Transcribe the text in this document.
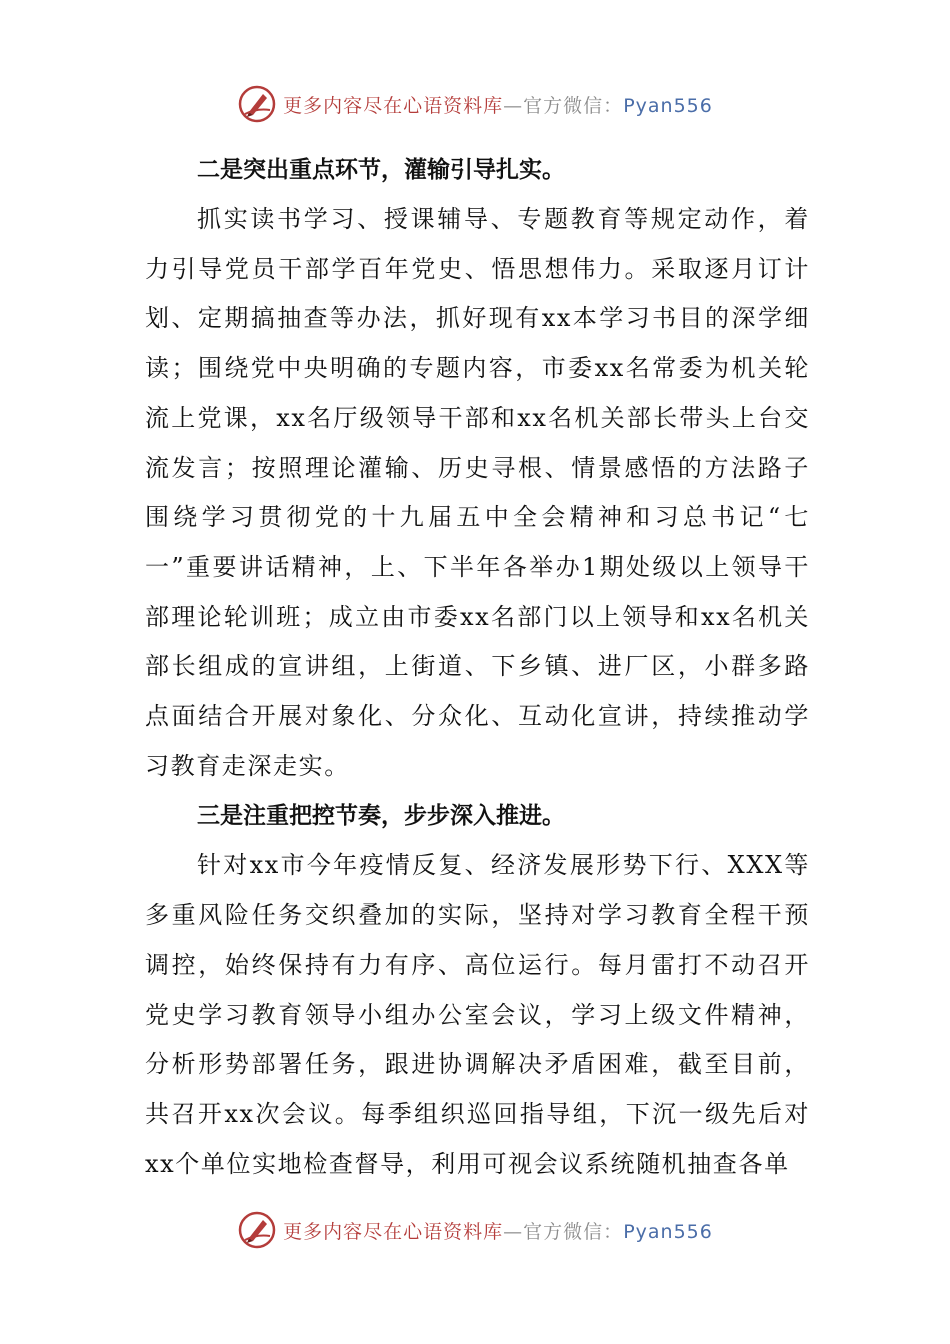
更多内容尽在心语资料库—官方微信：Pyan556

二是突出重点环节，灌输引导扎实。

抓实读书学习、授课辅导、专题教育等规定动作，着力引导党员干部学百年党史、悟思想伟力。采取逐月订计划、定期搞抽查等办法，抓好现有xx本学习书目的深学细读；围绕党中央明确的专题内容，市委xx名常委为机关轮流上党课，xx名厅级领导干部和xx名机关部长带头上台交流发言；按照理论灌输、历史寻根、情景感悟的方法路子围绕学习贯彻党的十九届五中全会精神和习总书记“七一”重要讲话精神，上、下半年各举办1期处级以上领导干部理论轮训班；成立由市委xx名部门以上领导和xx名机关部长组成的宣讲组，上街道、下乡镇、进厂区，小群多路点面结合开展对象化、分众化、互动化宣讲，持续推动学习教育走深走实。

三是注重把控节奏，步步深入推进。

针对xx市今年疫情反复、经济发展形势下行、XXX等多重风险任务交织叠加的实际，坚持对学习教育全程干预调控，始终保持有力有序、高位运行。每月雷打不动召开党史学习教育领导小组办公室会议，学习上级文件精神，分析形势部署任务，跟进协调解决矛盾困难，截至目前，共召开xx次会议。每季组织巡回指导组，下沉一级先后对xx个单位实地检查督导，利用可视会议系统随机抽查各单

更多内容尽在心语资料库—官方微信：Pyan556
